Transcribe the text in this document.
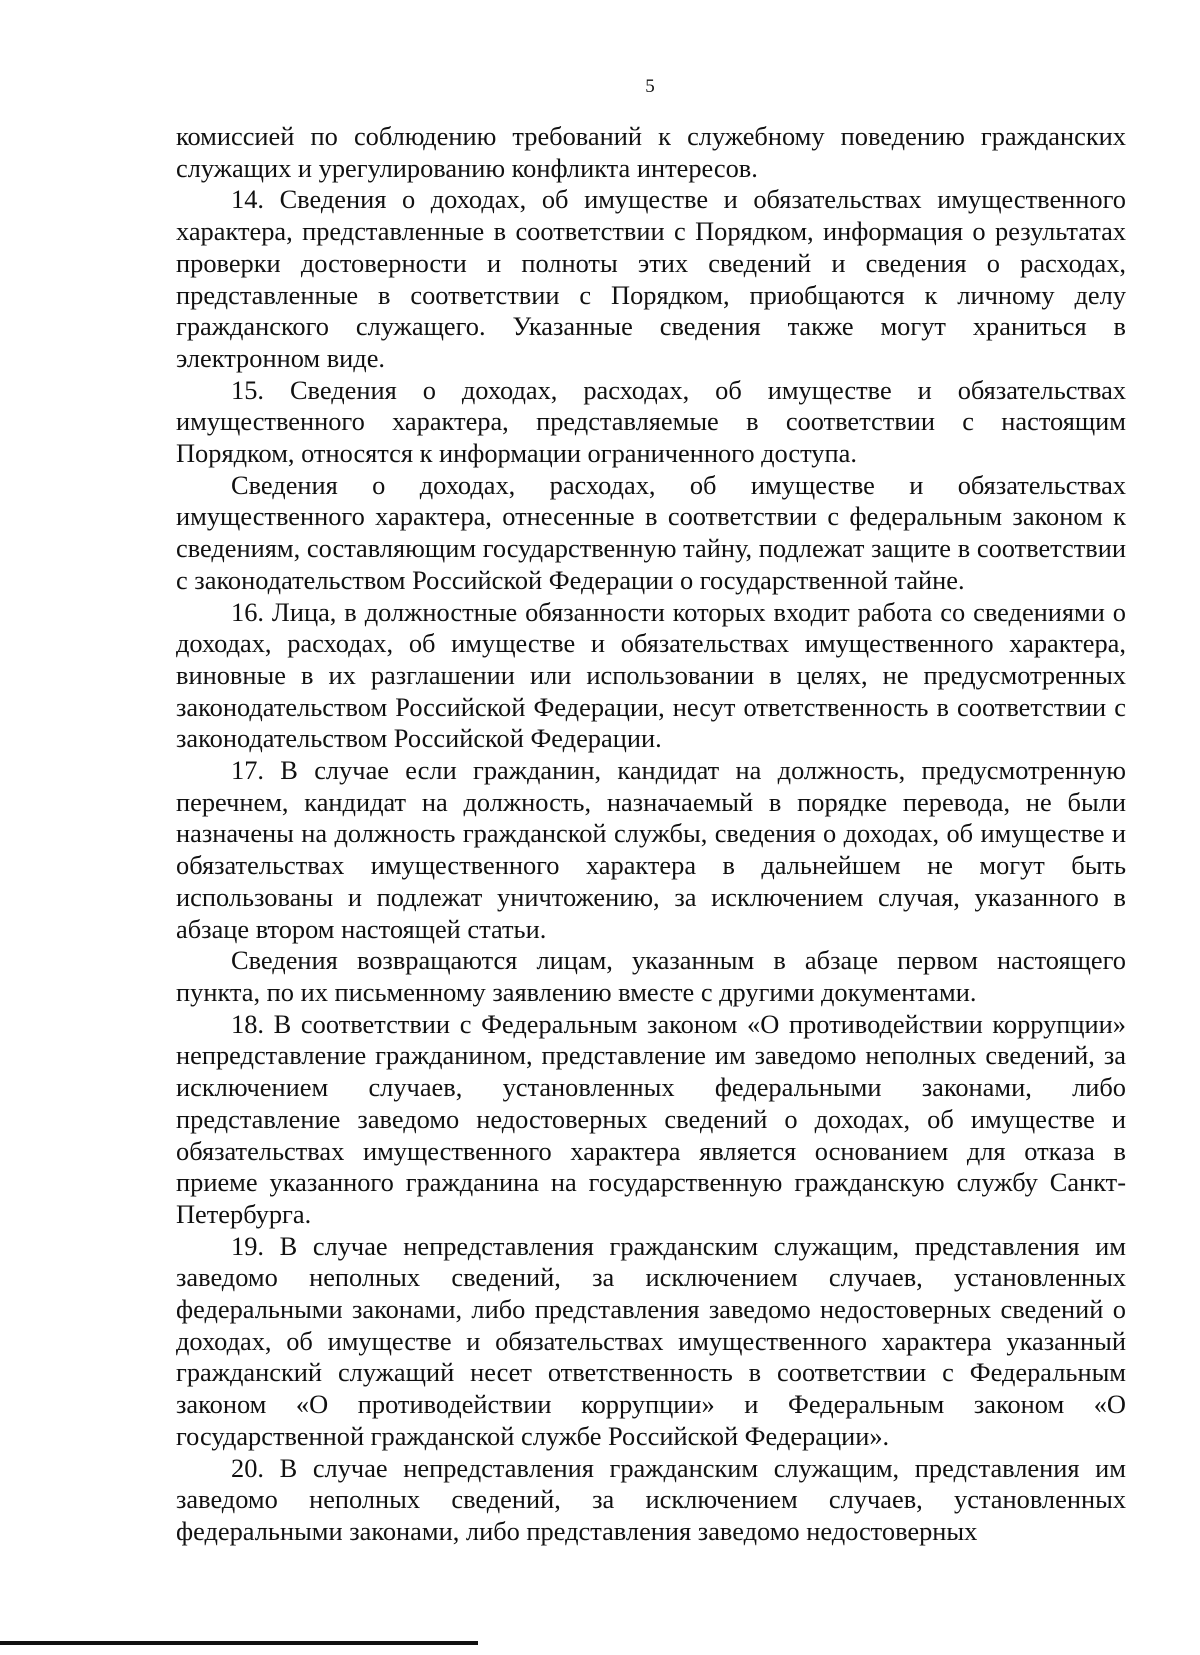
5

комиссией по соблюдению требований к служебному поведению гражданских служащих и урегулированию конфликта интересов.

14. Сведения о доходах, об имуществе и обязательствах имущественного характера, представленные в соответствии с Порядком, информация о результатах проверки достоверности и полноты этих сведений и сведения о расходах, представленные в соответствии с Порядком, приобщаются к личному делу гражданского служащего. Указанные сведения также могут храниться в электронном виде.

15. Сведения о доходах, расходах, об имуществе и обязательствах имущественного характера, представляемые в соответствии с настоящим Порядком, относятся к информации ограниченного доступа.

Сведения о доходах, расходах, об имуществе и обязательствах имущественного характера, отнесенные в соответствии с федеральным законом к сведениям, составляющим государственную тайну, подлежат защите в соответствии с законодательством Российской Федерации о государственной тайне.

16. Лица, в должностные обязанности которых входит работа со сведениями о доходах, расходах, об имуществе и обязательствах имущественного характера, виновные в их разглашении или использовании в целях, не предусмотренных законодательством Российской Федерации, несут ответственность в соответствии с законодательством Российской Федерации.

17. В случае если гражданин, кандидат на должность, предусмотренную перечнем, кандидат на должность, назначаемый в порядке перевода, не были назначены на должность гражданской службы, сведения о доходах, об имуществе и обязательствах имущественного характера в дальнейшем не могут быть использованы и подлежат уничтожению, за исключением случая, указанного в абзаце втором настоящей статьи.

Сведения возвращаются лицам, указанным в абзаце первом настоящего пункта, по их письменному заявлению вместе с другими документами.

18. В соответствии с Федеральным законом «О противодействии коррупции» непредставление гражданином, представление им заведомо неполных сведений, за исключением случаев, установленных федеральными законами, либо представление заведомо недостоверных сведений о доходах, об имуществе и обязательствах имущественного характера является основанием для отказа в приеме указанного гражданина на государственную гражданскую службу Санкт-Петербурга.

19. В случае непредставления гражданским служащим, представления им заведомо неполных сведений, за исключением случаев, установленных федеральными законами, либо представления заведомо недостоверных сведений о доходах, об имуществе и обязательствах имущественного характера указанный гражданский служащий несет ответственность в соответствии с Федеральным законом «О противодействии коррупции» и Федеральным законом «О государственной гражданской службе Российской Федерации».

20. В случае непредставления гражданским служащим, представления им заведомо неполных сведений, за исключением случаев, установленных федеральными законами, либо представления заведомо недостоверных
